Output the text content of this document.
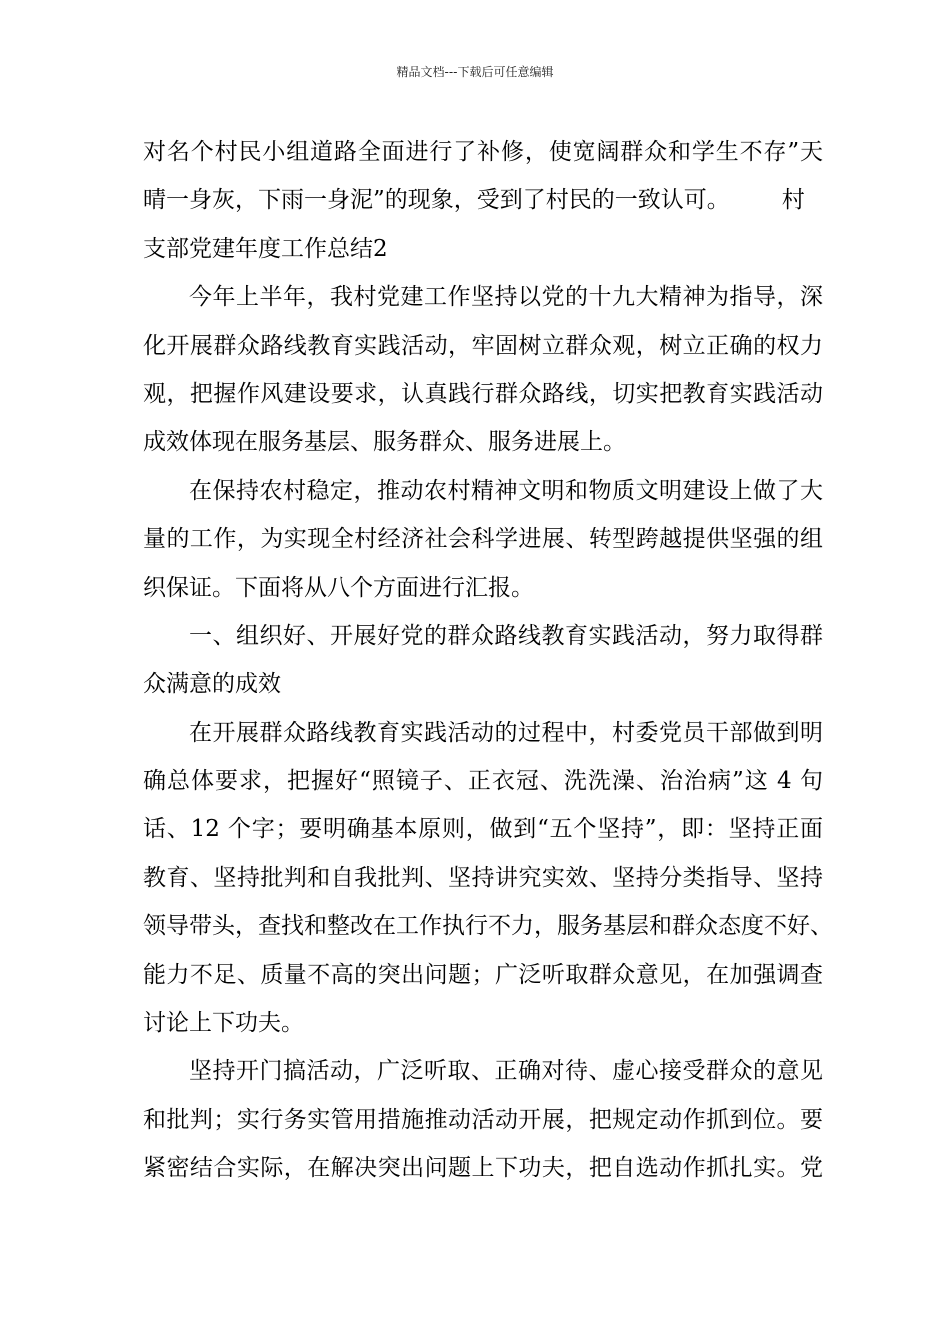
精品文档---下载后可任意编辑
对名个村民小组道路全面进行了补修，使宽阔群众和学生不存”天
晴一身灰，下雨一身泥”的现象，受到了村民的一致认可。 村
支部党建年度工作总结2
今年上半年，我村党建工作坚持以党的十九大精神为指导，深
化开展群众路线教育实践活动，牢固树立群众观，树立正确的权力
观，把握作风建设要求，认真践行群众路线，切实把教育实践活动
成效体现在服务基层、服务群众、服务进展上。
在保持农村稳定，推动农村精神文明和物质文明建设上做了大
量的工作，为实现全村经济社会科学进展、转型跨越提供坚强的组
织保证。下面将从八个方面进行汇报。
一、组织好、开展好党的群众路线教育实践活动，努力取得群
众满意的成效
在开展群众路线教育实践活动的过程中，村委党员干部做到明
确总体要求，把握好“照镜子、正衣冠、洗洗澡、治治病”这 4 句
话、12 个字；要明确基本原则，做到“五个坚持”，即：坚持正面
教育、坚持批判和自我批判、坚持讲究实效、坚持分类指导、坚持
领导带头，查找和整改在工作执行不力，服务基层和群众态度不好、
能力不足、质量不高的突出问题；广泛听取群众意见，在加强调查
讨论上下功夫。
坚持开门搞活动，广泛听取、正确对待、虚心接受群众的意见
和批判；实行务实管用措施推动活动开展，把规定动作抓到位。要
紧密结合实际，在解决突出问题上下功夫，把自选动作抓扎实。党
